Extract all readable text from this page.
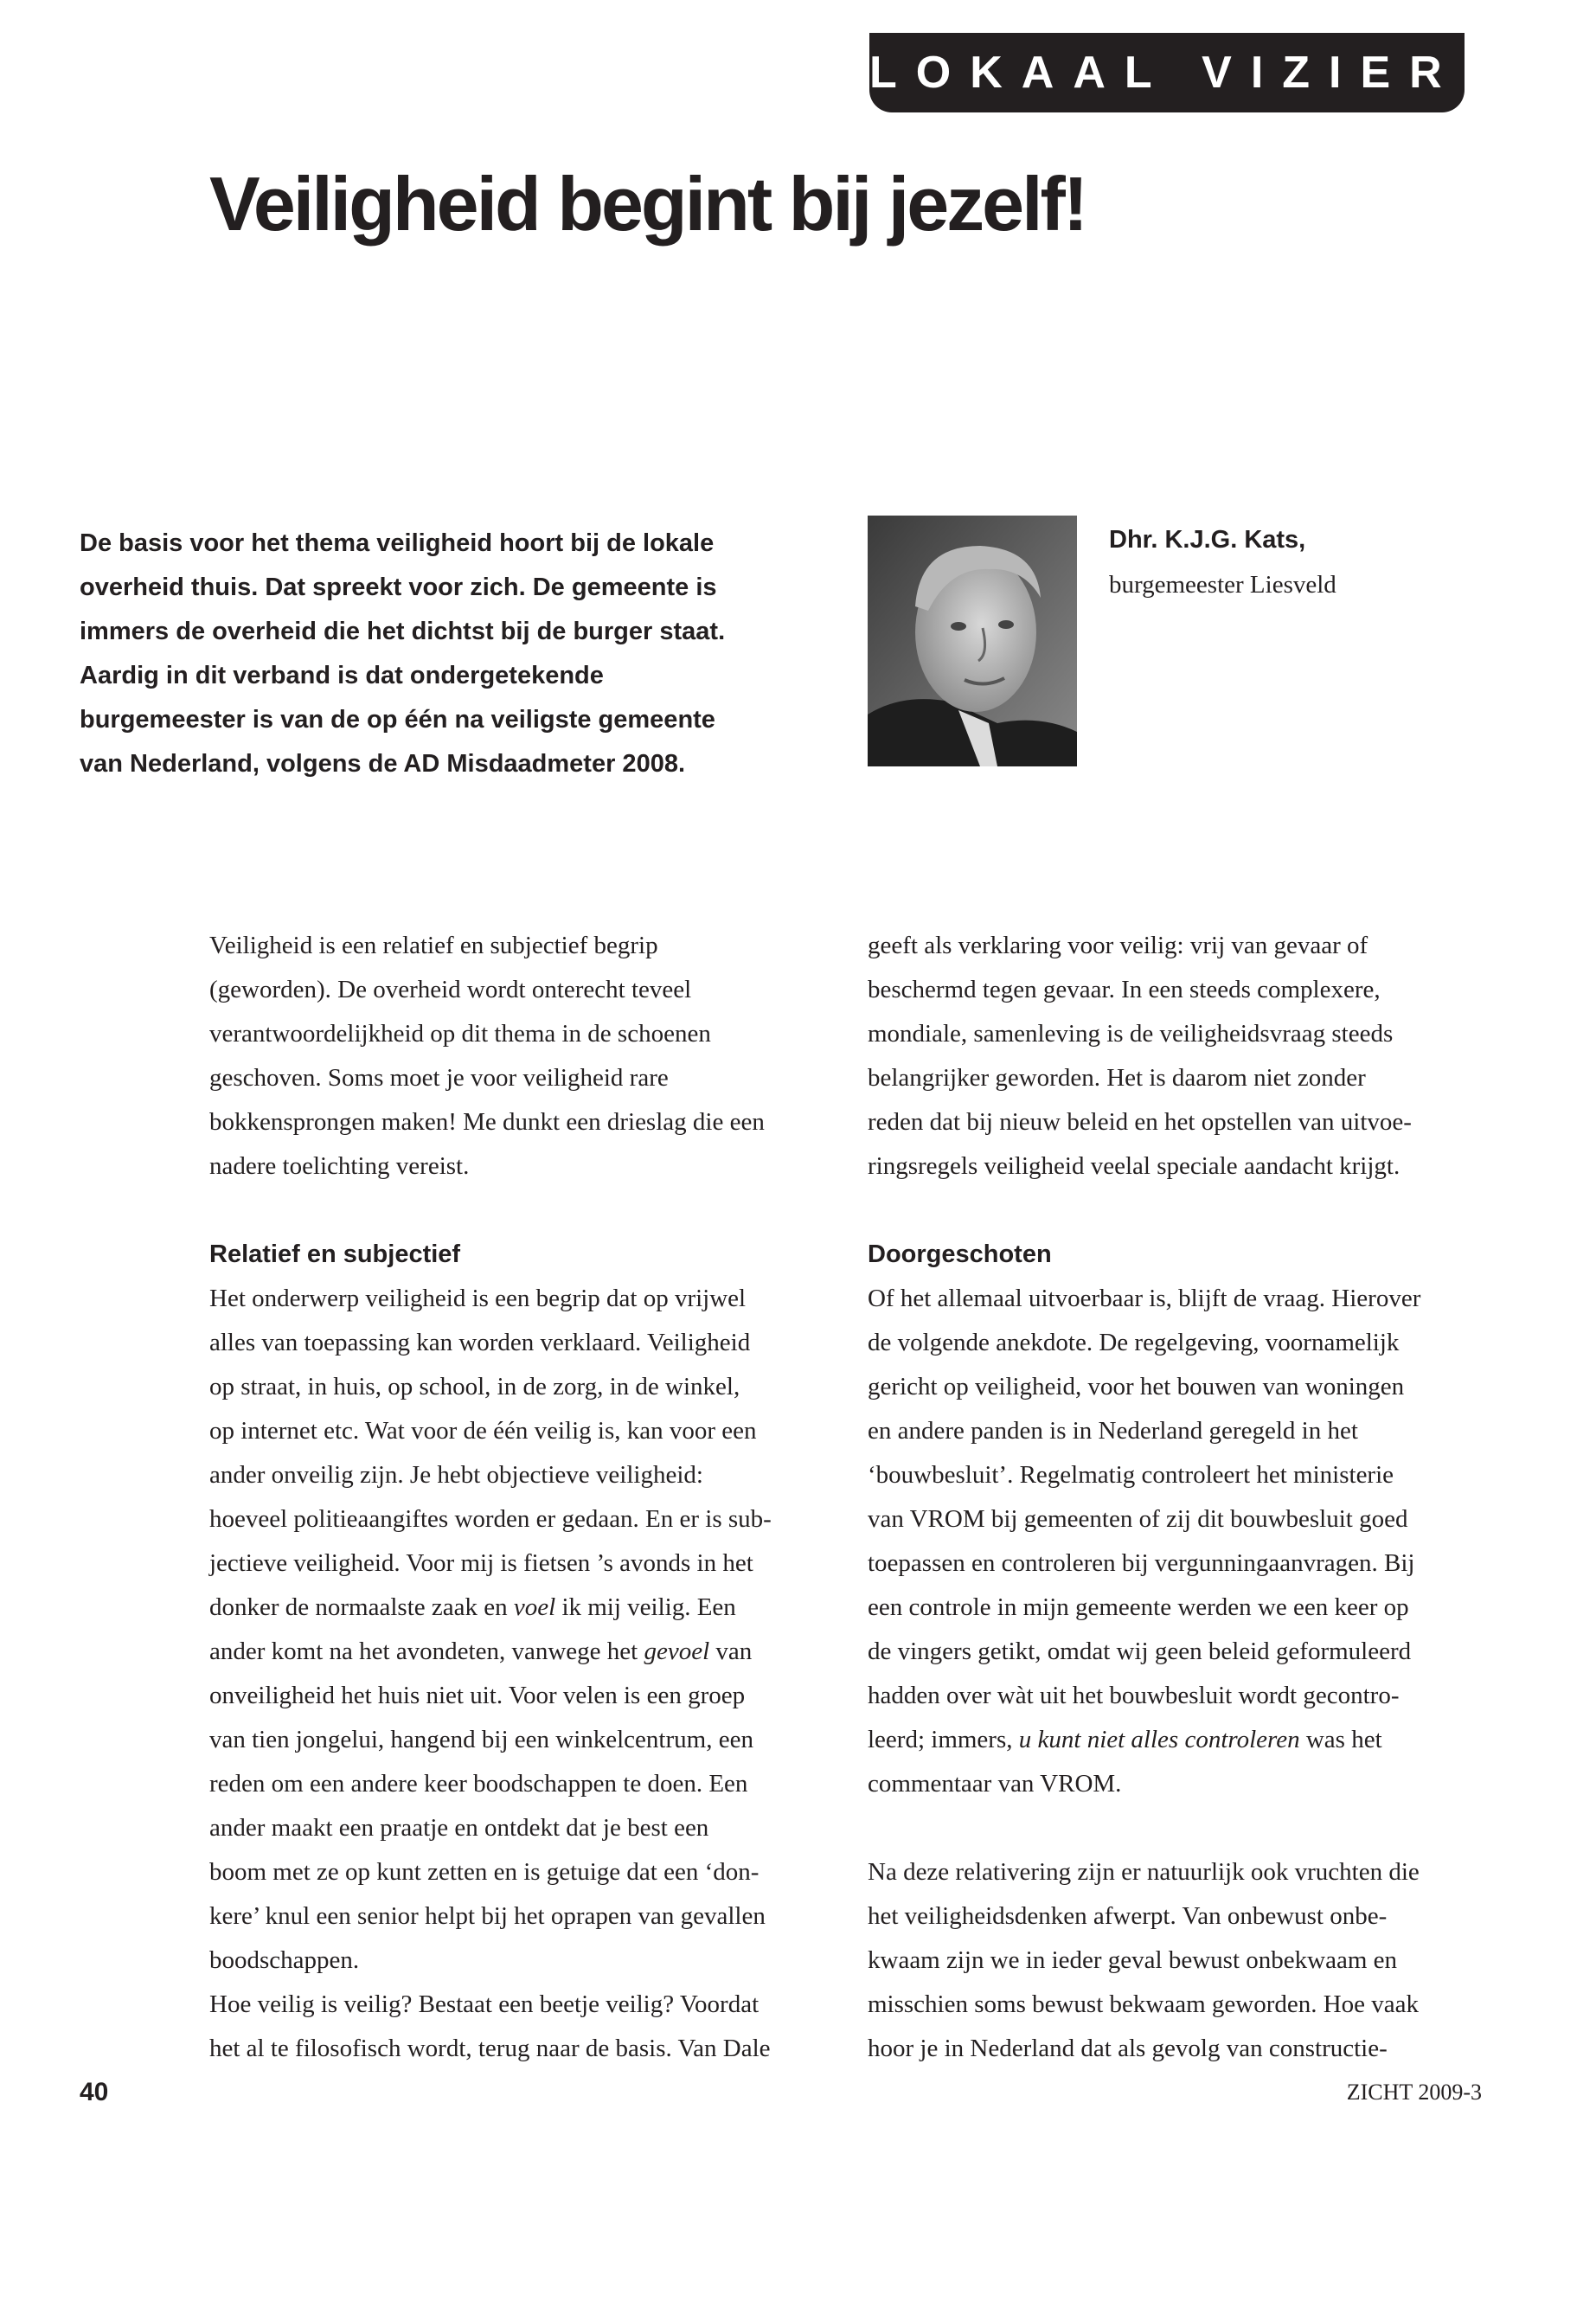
LOKAAL VIZIER
Veiligheid begint bij jezelf!
De basis voor het thema veiligheid hoort bij de lokale
overheid thuis. Dat spreekt voor zich. De gemeente is
immers de overheid die het dichtst bij de burger staat.
Aardig in dit verband is dat ondergetekende
burgemeester is van de op één na veiligste gemeente
van Nederland, volgens de AD Misdaadmeter 2008.

Dhr. K.J.G. Kats,

burgemeester Liesveld

Veiligheid is een relatief en subjectief begrip
(geworden). De overheid wordt onterecht teveel
verantwoordelijkheid op dit thema in de schoenen
geschoven. Soms moet je voor veiligheid rare
bokkensprongen maken! Me dunkt een drieslag die een
nadere toelichting vereist.

Relatief en subjectief

Het onderwerp veiligheid is een begrip dat op vrijwel
alles van toepassing kan worden verklaard. Veiligheid
op straat, in huis, op school, in de zorg, in de winkel,
op internet etc. Wat voor de één veilig is, kan voor een
ander onveilig zijn. Je hebt objectieve veiligheid:
hoeveel politieaangiftes worden er gedaan. En er is sub-
jectieve veiligheid. Voor mij is fietsen ’s avonds in het
donker de normaalste zaak en voel ik mij veilig. Een
ander komt na het avondeten, vanwege het gevoel van
onveiligheid het huis niet uit. Voor velen is een groep
van tien jongelui, hangend bij een winkelcentrum, een
reden om een andere keer boodschappen te doen. Een
ander maakt een praatje en ontdekt dat je best een
boom met ze op kunt zetten en is getuige dat een ‘don-
kere’ knul een senior helpt bij het oprapen van gevallen
boodschappen.
Hoe veilig is veilig? Bestaat een beetje veilig? Voordat
het al te filosofisch wordt, terug naar de basis. Van Dale

geeft als verklaring voor veilig: vrij van gevaar of
beschermd tegen gevaar. In een steeds complexere,
mondiale, samenleving is de veiligheidsvraag steeds
belangrijker geworden. Het is daarom niet zonder
reden dat bij nieuw beleid en het opstellen van uitvoe-
ringsregels veiligheid veelal speciale aandacht krijgt.

Doorgeschoten

Of het allemaal uitvoerbaar is, blijft de vraag. Hierover
de volgende anekdote. De regelgeving, voornamelijk
gericht op veiligheid, voor het bouwen van woningen
en andere panden is in Nederland geregeld in het
‘bouwbesluit’. Regelmatig controleert het ministerie
van VROM bij gemeenten of zij dit bouwbesluit goed
toepassen en controleren bij vergunningaanvragen. Bij
een controle in mijn gemeente werden we een keer op
de vingers getikt, omdat wij geen beleid geformuleerd
hadden over wàt uit het bouwbesluit wordt gecontro-
leerd; immers, u kunt niet alles controleren was het
commentaar van VROM.

Na deze relativering zijn er natuurlijk ook vruchten die
het veiligheidsdenken afwerpt. Van onbewust onbe-
kwaam zijn we in ieder geval bewust onbekwaam en
misschien soms bewust bekwaam geworden. Hoe vaak
hoor je in Nederland dat als gevolg van constructie-

40	ZICHT 2009-3
